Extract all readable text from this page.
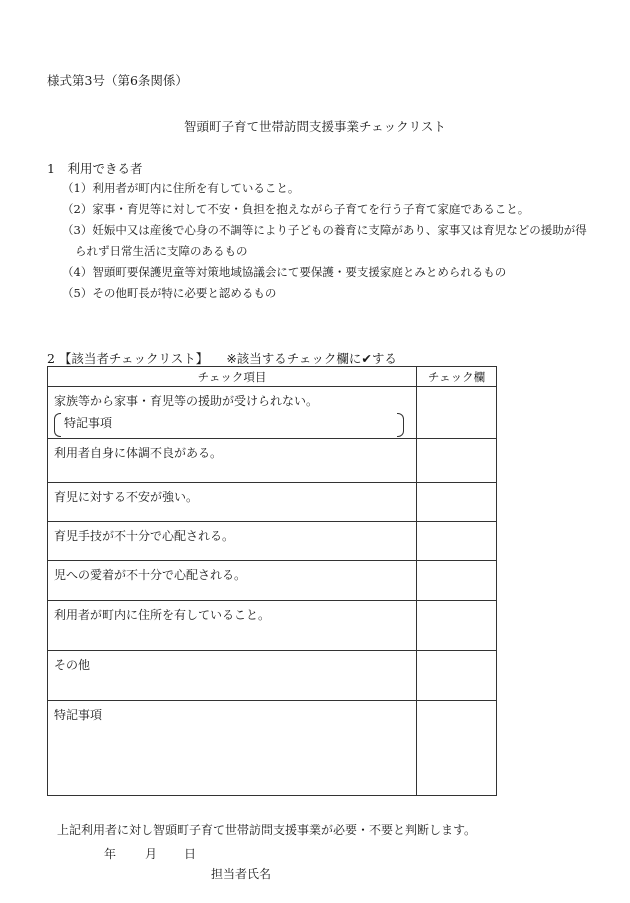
様式第3号（第6条関係）
智頭町子育て世帯訪問支援事業チェックリスト
1　利用できる者
（1）利用者が町内に住所を有していること。
（2）家事・育児等に対して不安・負担を抱えながら子育てを行う子育て家庭であること。
（3）妊娠中又は産後で心身の不調等により子どもの養育に支障があり、家事又は育児などの援助が得
られず日常生活に支障のあるもの
（4）智頭町要保護児童等対策地域協議会にて要保護・要支援家庭とみとめられるもの
（5）その他町長が特に必要と認めるもの
2 【該当者チェックリスト】 ※該当するチェック欄に✔する
チェック項目	チェック欄

家族等から家事・育児等の援助が受けられない。
特記事項	

利用者自身に体調不良がある。	
育児に対する不安が強い。	
育児手技が不十分で心配される。	
児への愛着が不十分で心配される。	
利用者が町内に住所を有していること。	
その他	
特記事項	
上記利用者に対し智頭町子育て世帯訪問支援事業が必要・不要と判断します。
年 月 日
担当者氏名
